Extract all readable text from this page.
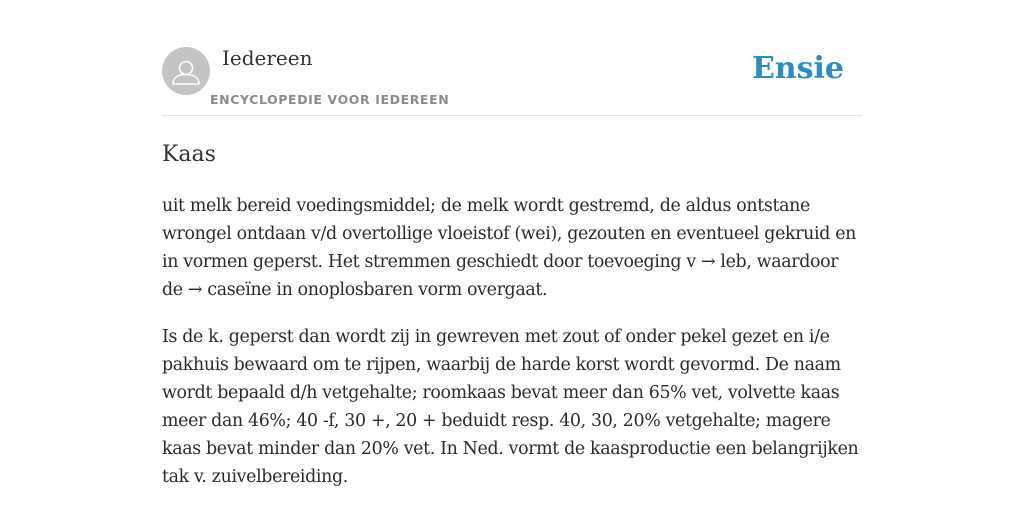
Iedereen
ENCYCLOPEDIE VOOR IEDEREEN
Ensie
Kaas

uit melk bereid voedingsmiddel; de melk wordt gestremd, de aldus ontstane wrongel ontdaan v/d overtollige vloeistof (wei), gezouten en eventueel gekruid en in vormen geperst. Het stremmen geschiedt door toevoeging v → leb, waardoor de → caseïne in onoplosbaren vorm overgaat.

Is de k. geperst dan wordt zij in gewreven met zout of onder pekel gezet en i/e pakhuis bewaard om te rijpen, waarbij de harde korst wordt gevormd. De naam wordt bepaald d/h vetgehalte; roomkaas bevat meer dan 65% vet, volvette kaas meer dan 46%; 40 -f, 30 +, 20 + beduidt resp. 40, 30, 20% vetgehalte; magere kaas bevat minder dan 20% vet. In Ned. vormt de kaasproductie een belangrijken tak v. zuivelbereiding.
